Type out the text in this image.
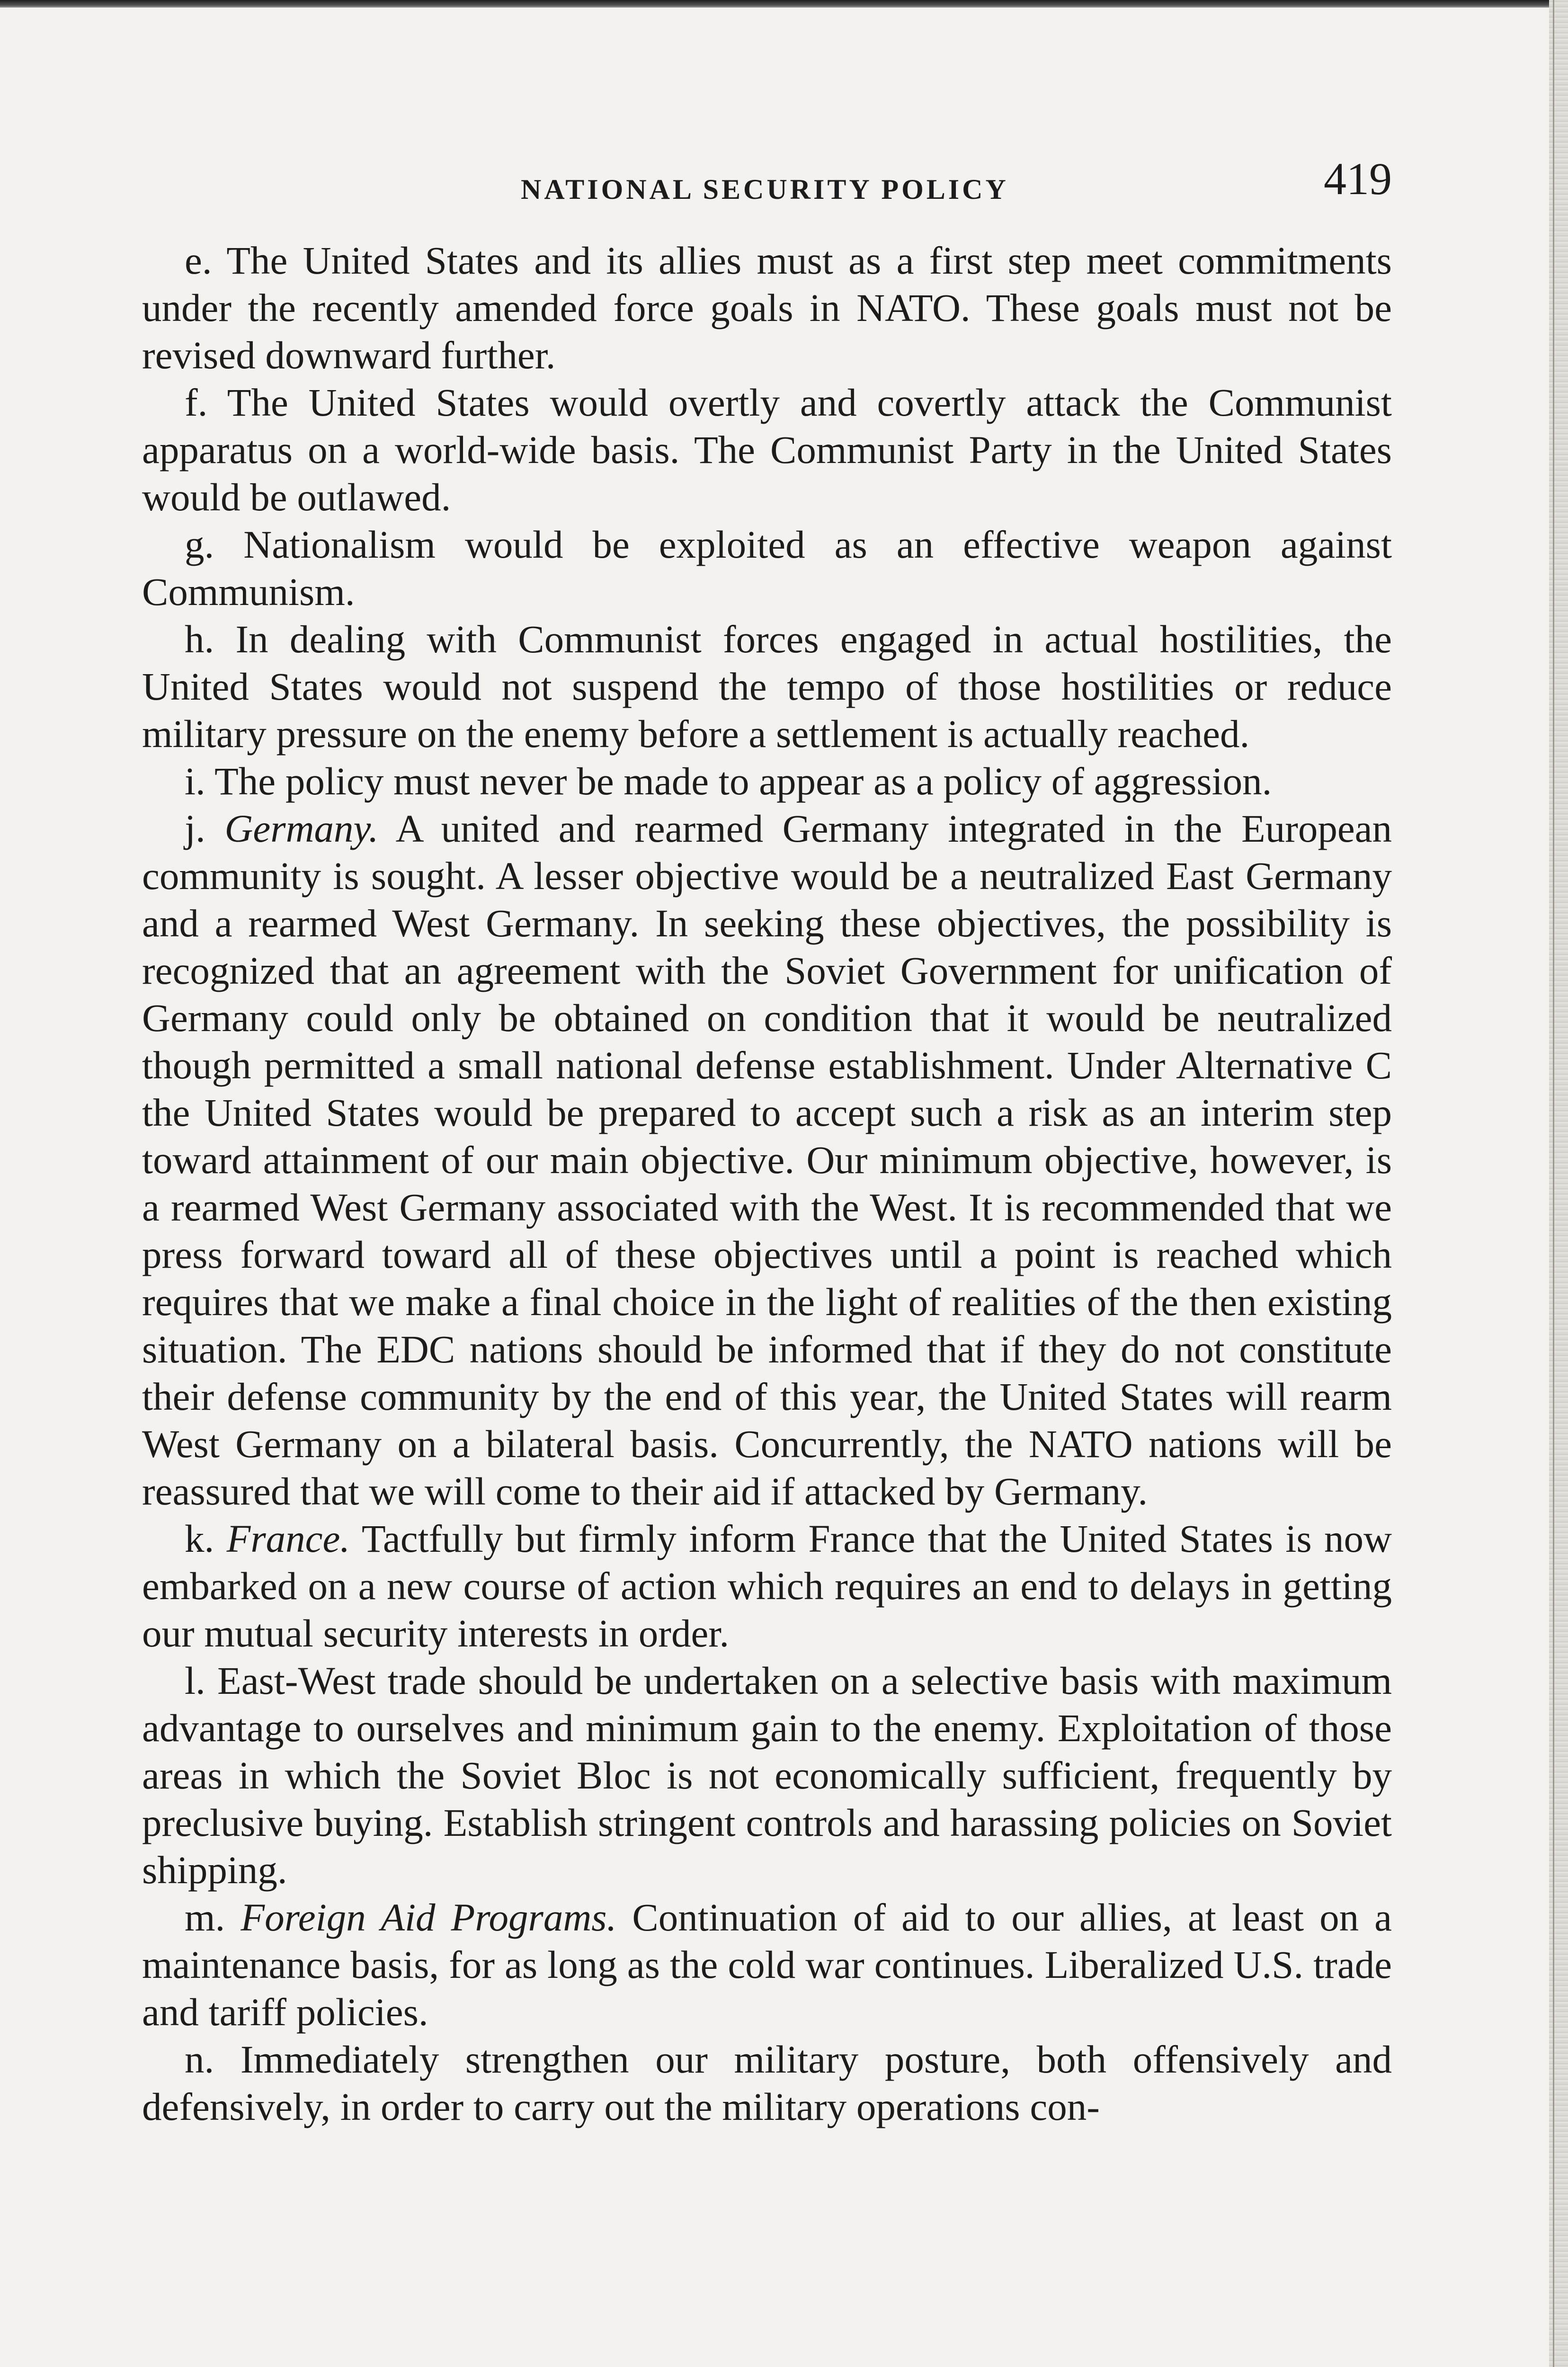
NATIONAL SECURITY POLICY	419

e. The United States and its allies must as a first step meet commitments under the recently amended force goals in NATO. These goals must not be revised downward further.

f. The United States would overtly and covertly attack the Communist apparatus on a world-wide basis. The Communist Party in the United States would be outlawed.

g. Nationalism would be exploited as an effective weapon against Communism.

h. In dealing with Communist forces engaged in actual hostilities, the United States would not suspend the tempo of those hostilities or reduce military pressure on the enemy before a settlement is actually reached.

i. The policy must never be made to appear as a policy of aggression.

j. Germany. A united and rearmed Germany integrated in the European community is sought. A lesser objective would be a neutralized East Germany and a rearmed West Germany. In seeking these objectives, the possibility is recognized that an agreement with the Soviet Government for unification of Germany could only be obtained on condition that it would be neutralized though permitted a small national defense establishment. Under Alternative C the United States would be prepared to accept such a risk as an interim step toward attainment of our main objective. Our minimum objective, however, is a rearmed West Germany associated with the West. It is recommended that we press forward toward all of these objectives until a point is reached which requires that we make a final choice in the light of realities of the then existing situation. The EDC nations should be informed that if they do not constitute their defense community by the end of this year, the United States will rearm West Germany on a bilateral basis. Concurrently, the NATO nations will be reassured that we will come to their aid if attacked by Germany.

k. France. Tactfully but firmly inform France that the United States is now embarked on a new course of action which requires an end to delays in getting our mutual security interests in order.

l. East-West trade should be undertaken on a selective basis with maximum advantage to ourselves and minimum gain to the enemy. Exploitation of those areas in which the Soviet Bloc is not economically sufficient, frequently by preclusive buying. Establish stringent controls and harassing policies on Soviet shipping.

m. Foreign Aid Programs. Continuation of aid to our allies, at least on a maintenance basis, for as long as the cold war continues. Liberalized U.S. trade and tariff policies.

n. Immediately strengthen our military posture, both offensively and defensively, in order to carry out the military operations con-
